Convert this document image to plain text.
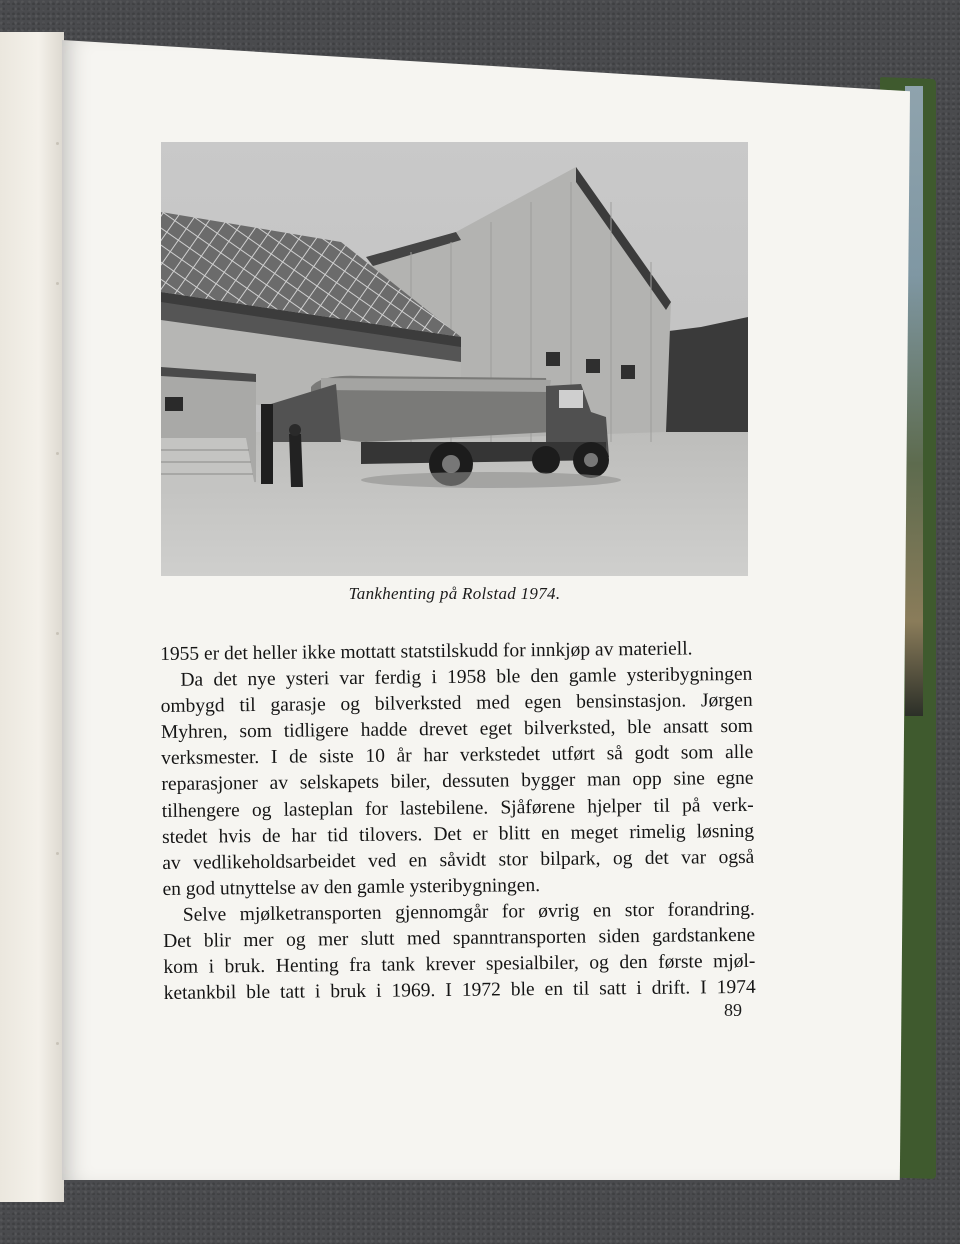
Tankhenting på Rolstad 1974.

1955 er det heller ikke mottatt statstilskudd for innkjøp av materiell.

Da det nye ysteri var ferdig i 1958 ble den gamle ysteribygningen
ombygd til garasje og bilverksted med egen bensinstasjon. Jørgen
Myhren, som tidligere hadde drevet eget bilverksted, ble ansatt som
verksmester. I de siste 10 år har verkstedet utført så godt som alle
reparasjoner av selskapets biler, dessuten bygger man opp sine egne
tilhengere og lasteplan for lastebilene. Sjåførene hjelper til på verk-
stedet hvis de har tid tilovers. Det er blitt en meget rimelig løsning
av vedlikeholdsarbeidet ved en såvidt stor bilpark, og det var også
en god utnyttelse av den gamle ysteribygningen.

Selve mjølketransporten gjennomgår for øvrig en stor forandring.
Det blir mer og mer slutt med spanntransporten siden gardstankene
kom i bruk. Henting fra tank krever spesialbiler, og den første mjøl-
ketankbil ble tatt i bruk i 1969. I 1972 ble en til satt i drift. I 1974

89
